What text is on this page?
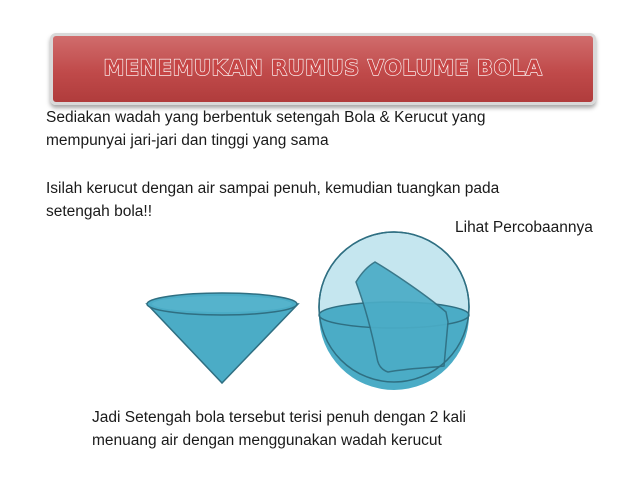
MENEMUKAN RUMUS VOLUME BOLA

Sediakan wadah yang berbentuk setengah Bola & Kerucut yang
mempunyai jari-jari dan tinggi yang sama

Isilah kerucut dengan air sampai penuh, kemudian tuangkan pada
setengah bola!!

Lihat Percobaannya

Jadi Setengah bola tersebut terisi penuh dengan 2 kali
menuang air dengan menggunakan wadah kerucut
